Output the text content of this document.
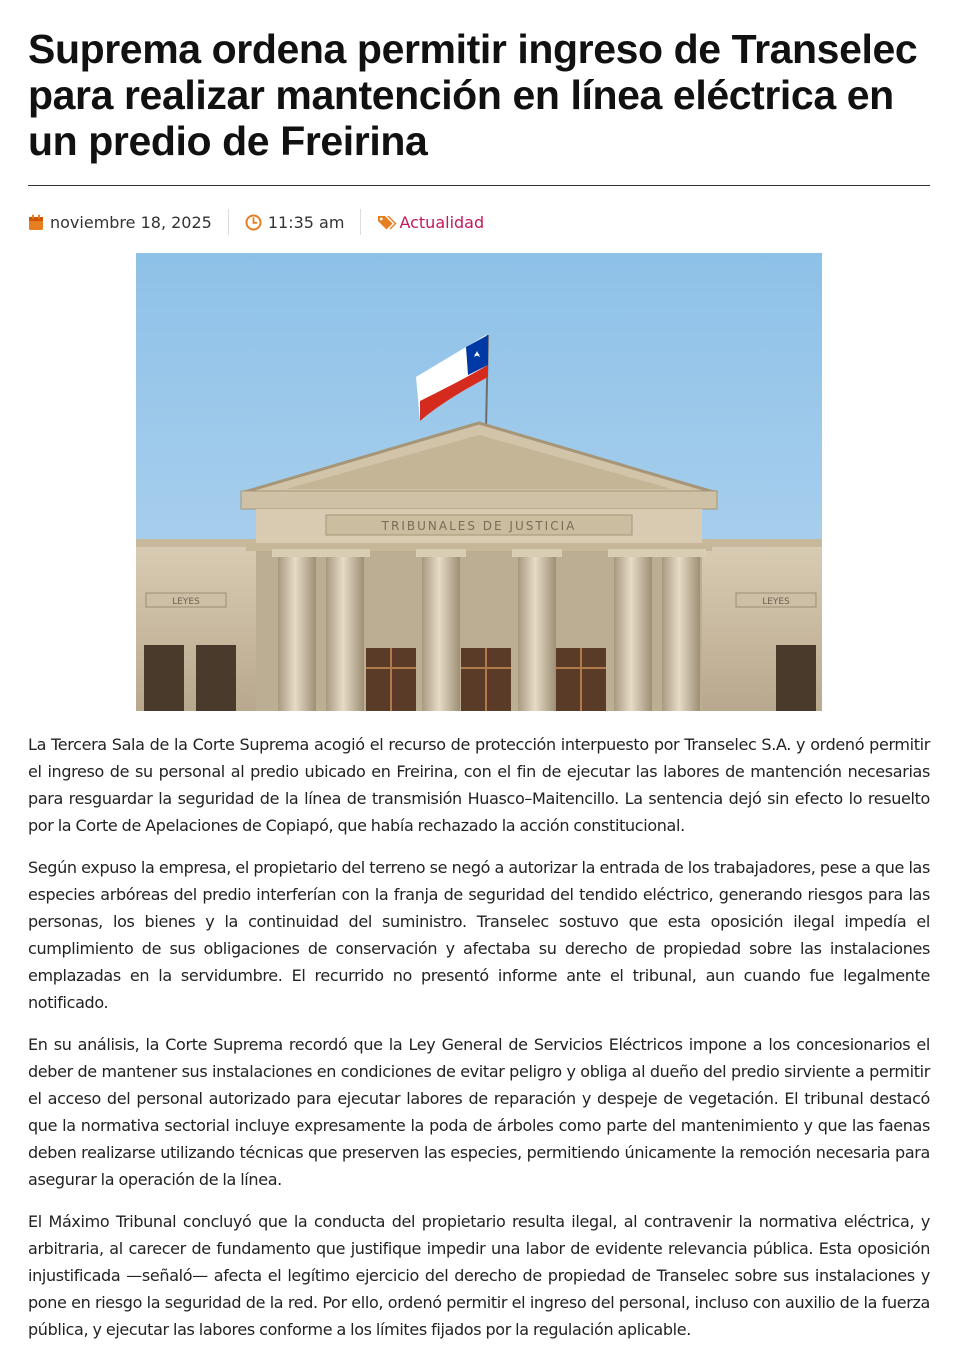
Suprema ordena permitir ingreso de Transelec para realizar mantención en línea eléctrica en un predio de Freirina
noviembre 18, 2025	11:35 am	Actualidad
LEYES	LEYES
TRIBUNALES DE JUSTICIA

La Tercera Sala de la Corte Suprema acogió el recurso de protección interpuesto por Transelec S.A. y ordenó permitir el ingreso de su personal al predio ubicado en Freirina, con el fin de ejecutar las labores de mantención necesarias para resguardar la seguridad de la línea de transmisión Huasco–Maitencillo. La sentencia dejó sin efecto lo resuelto por la Corte de Apelaciones de Copiapó, que había rechazado la acción constitucional.

Según expuso la empresa, el propietario del terreno se negó a autorizar la entrada de los trabajadores, pese a que las especies arbóreas del predio interferían con la franja de seguridad del tendido eléctrico, generando riesgos para las personas, los bienes y la continuidad del suministro. Transelec sostuvo que esta oposición ilegal impedía el cumplimiento de sus obligaciones de conservación y afectaba su derecho de propiedad sobre las instalaciones emplazadas en la servidumbre. El recurrido no presentó informe ante el tribunal, aun cuando fue legalmente notificado.

En su análisis, la Corte Suprema recordó que la Ley General de Servicios Eléctricos impone a los concesionarios el deber de mantener sus instalaciones en condiciones de evitar peligro y obliga al dueño del predio sirviente a permitir el acceso del personal autorizado para ejecutar labores de reparación y despeje de vegetación. El tribunal destacó que la normativa sectorial incluye expresamente la poda de árboles como parte del mantenimiento y que las faenas deben realizarse utilizando técnicas que preserven las especies, permitiendo únicamente la remoción necesaria para asegurar la operación de la línea.

El Máximo Tribunal concluyó que la conducta del propietario resulta ilegal, al contravenir la normativa eléctrica, y arbitraria, al carecer de fundamento que justifique impedir una labor de evidente relevancia pública. Esta oposición injustificada —señaló— afecta el legítimo ejercicio del derecho de propiedad de Transelec sobre sus instalaciones y pone en riesgo la seguridad de la red. Por ello, ordenó permitir el ingreso del personal, incluso con auxilio de la fuerza pública, y ejecutar las labores conforme a los límites fijados por la regulación aplicable.
